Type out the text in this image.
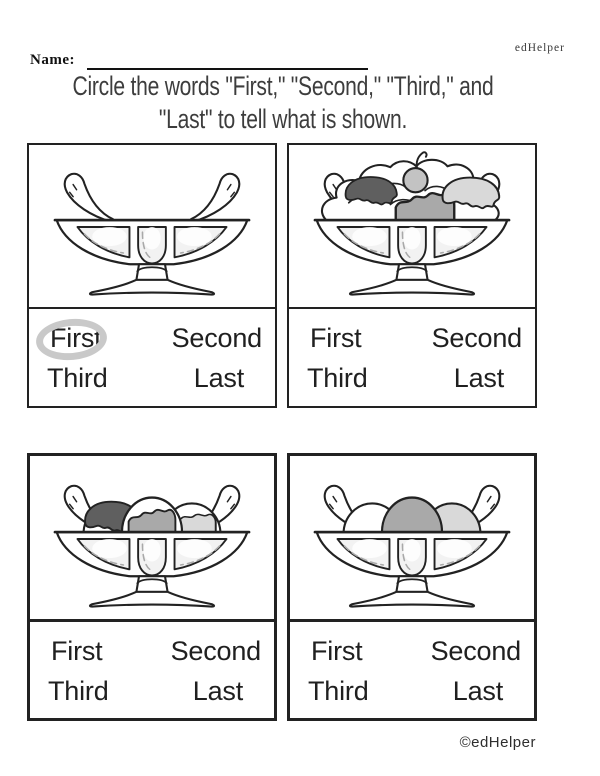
edHelper
Name:
Circle the words "First," "Second," "Third," and
"Last" to tell what is shown.
First	Second
Third	Last
First	Second
Third	Last
First	Second
Third	Last
First	Second
Third	Last
©edHelper
